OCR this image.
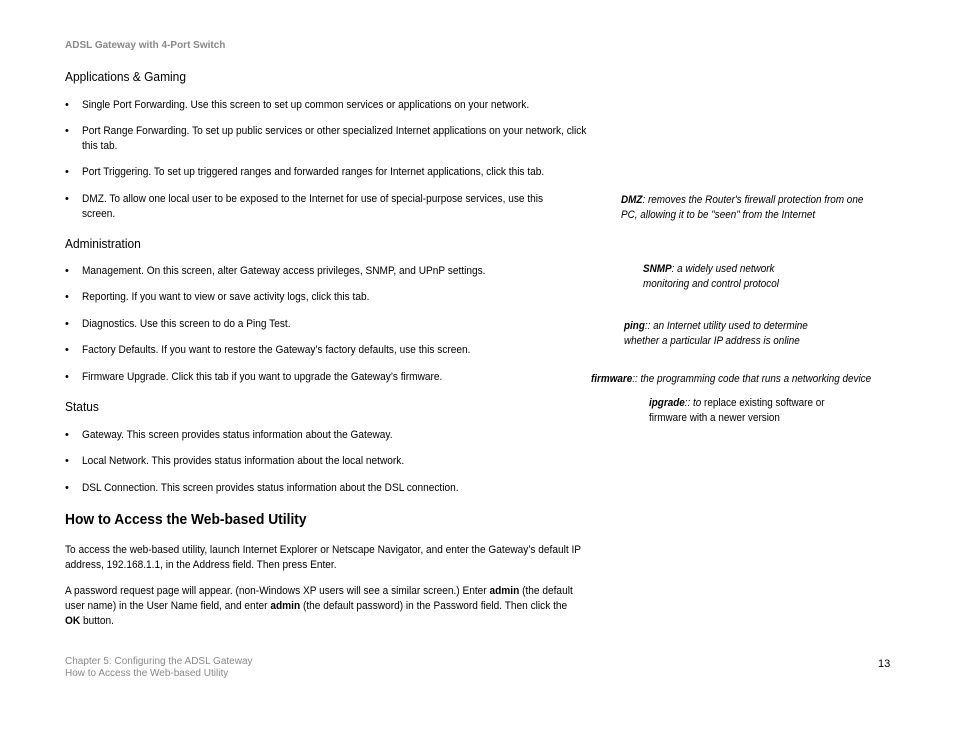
ADSL Gateway with 4-Port Switch
Applications & Gaming
• Single Port Forwarding. Use this screen to set up common services or applications on your network.
• Port Range Forwarding. To set up public services or other specialized Internet applications on your network, click this tab.
• Port Triggering. To set up triggered ranges and forwarded ranges for Internet applications, click this tab.
• DMZ. To allow one local user to be exposed to the Internet for use of special-purpose services, use this screen.
Administration
• Management. On this screen, alter Gateway access privileges, SNMP, and UPnP settings.
• Reporting. If you want to view or save activity logs, click this tab.
• Diagnostics. Use this screen to do a Ping Test.
• Factory Defaults. If you want to restore the Gateway’s factory defaults, use this screen.
• Firmware Upgrade. Click this tab if you want to upgrade the Gateway’s firmware.
Status
• Gateway. This screen provides status information about the Gateway.
• Local Network. This provides status information about the local network.
• DSL Connection. This screen provides status information about the DSL connection.
How to Access the Web-based Utility
To access the web-based utility, launch Internet Explorer or Netscape Navigator, and enter the Gateway’s default IP address, 192.168.1.1, in the Address field. Then press Enter.
A password request page will appear. (non-Windows XP users will see a similar screen.) Enter admin (the default user name) in the User Name field, and enter admin (the default password) in the Password field. Then click the OK button.
DMZ: removes the Router's firewall protection from one PC, allowing it to be "seen" from the Internet
SNMP: a widely used network monitoring and control protocol
ping:: an Internet utility used to determine whether a particular IP address is online
firmware:: the programming code that runs a networking device
ipgrade:: to replace existing software or firmware with a newer version
Chapter 5: Configuring the ADSL Gateway
How to Access the Web-based Utility
13
